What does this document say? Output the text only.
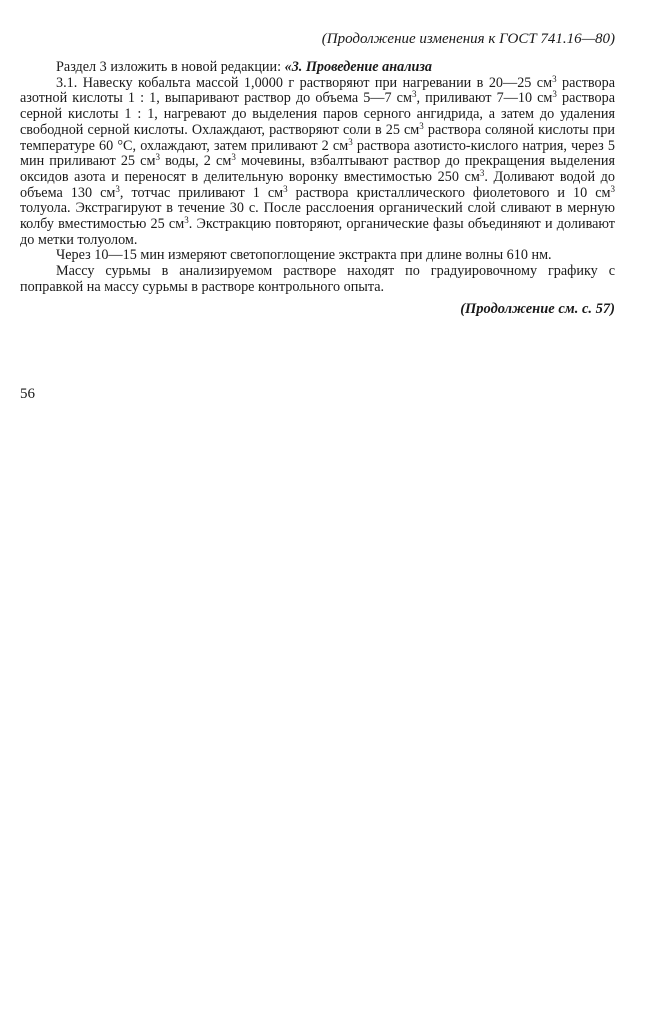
(Продолжение изменения к ГОСТ 741.16—80)

Раздел 3 изложить в новой редакции: «3. Проведение анализа

3.1. Навеску кобальта массой 1,0000 г растворяют при нагревании в 20—25 $см^3$ раствора азотной кислоты 1 : 1, выпаривают раствор до объема 5—7 $см^3$, приливают 7—10 $см^3$ раствора серной кислоты 1 : 1, нагревают до выделения паров серного ангидрида, а затем до удаления свободной серной кислоты. Охлаждают, растворяют соли в 25 $см^3$ раствора соляной кислоты при температуре 60 °С, охлаждают, затем приливают 2 $см^3$ раствора азотисто-кислого натрия, через 5 мин приливают 25 $см^3$ воды, 2 $см^3$ мочевины, взбалтывают раствор до прекращения выделения оксидов азота и переносят в делительную воронку вместимостью 250 $см^3$. Доливают водой до объема 130 $см^3$, тотчас приливают 1 $см^3$ раствора кристаллического фиолетового и 10 $см^3$ толуола. Экстрагируют в течение 30 с. После расслоения органический слой сливают в мерную колбу вместимостью 25 $см^3$. Экстракцию повторяют, органические фазы объединяют и доливают до метки толуолом.

Через 10—15 мин измеряют светопоглощение экстракта при длине волны 610 нм.

Массу сурьмы в анализируемом растворе находят по градуировочному графику с поправкой на массу сурьмы в растворе контрольного опыта.

(Продолжение см. с. 57)
56
